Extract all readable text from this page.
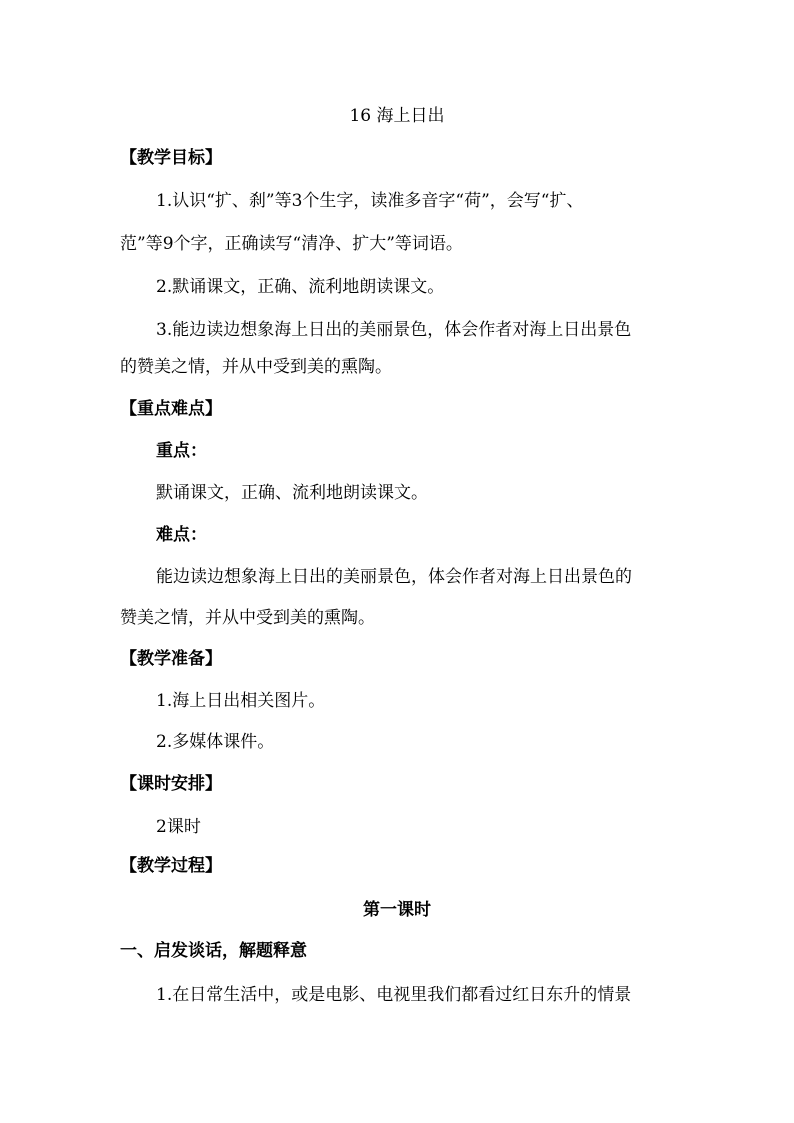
16 海上日出
【教学目标】
1.认识“扩、刹”等3个生字，读准多音字“荷”，会写“扩、
范”等9个字，正确读写“清净、扩大”等词语。
2.默诵课文，正确、流利地朗读课文。
3.能边读边想象海上日出的美丽景色，体会作者对海上日出景色
的赞美之情，并从中受到美的熏陶。
【重点难点】
重点：
默诵课文，正确、流利地朗读课文。
难点：
能边读边想象海上日出的美丽景色，体会作者对海上日出景色的
赞美之情，并从中受到美的熏陶。
【教学准备】
1.海上日出相关图片。
2.多媒体课件。
【课时安排】
2课时
【教学过程】
第一课时
一、启发谈话，解题释意
1.在日常生活中，或是电影、电视里我们都看过红日东升的情景
